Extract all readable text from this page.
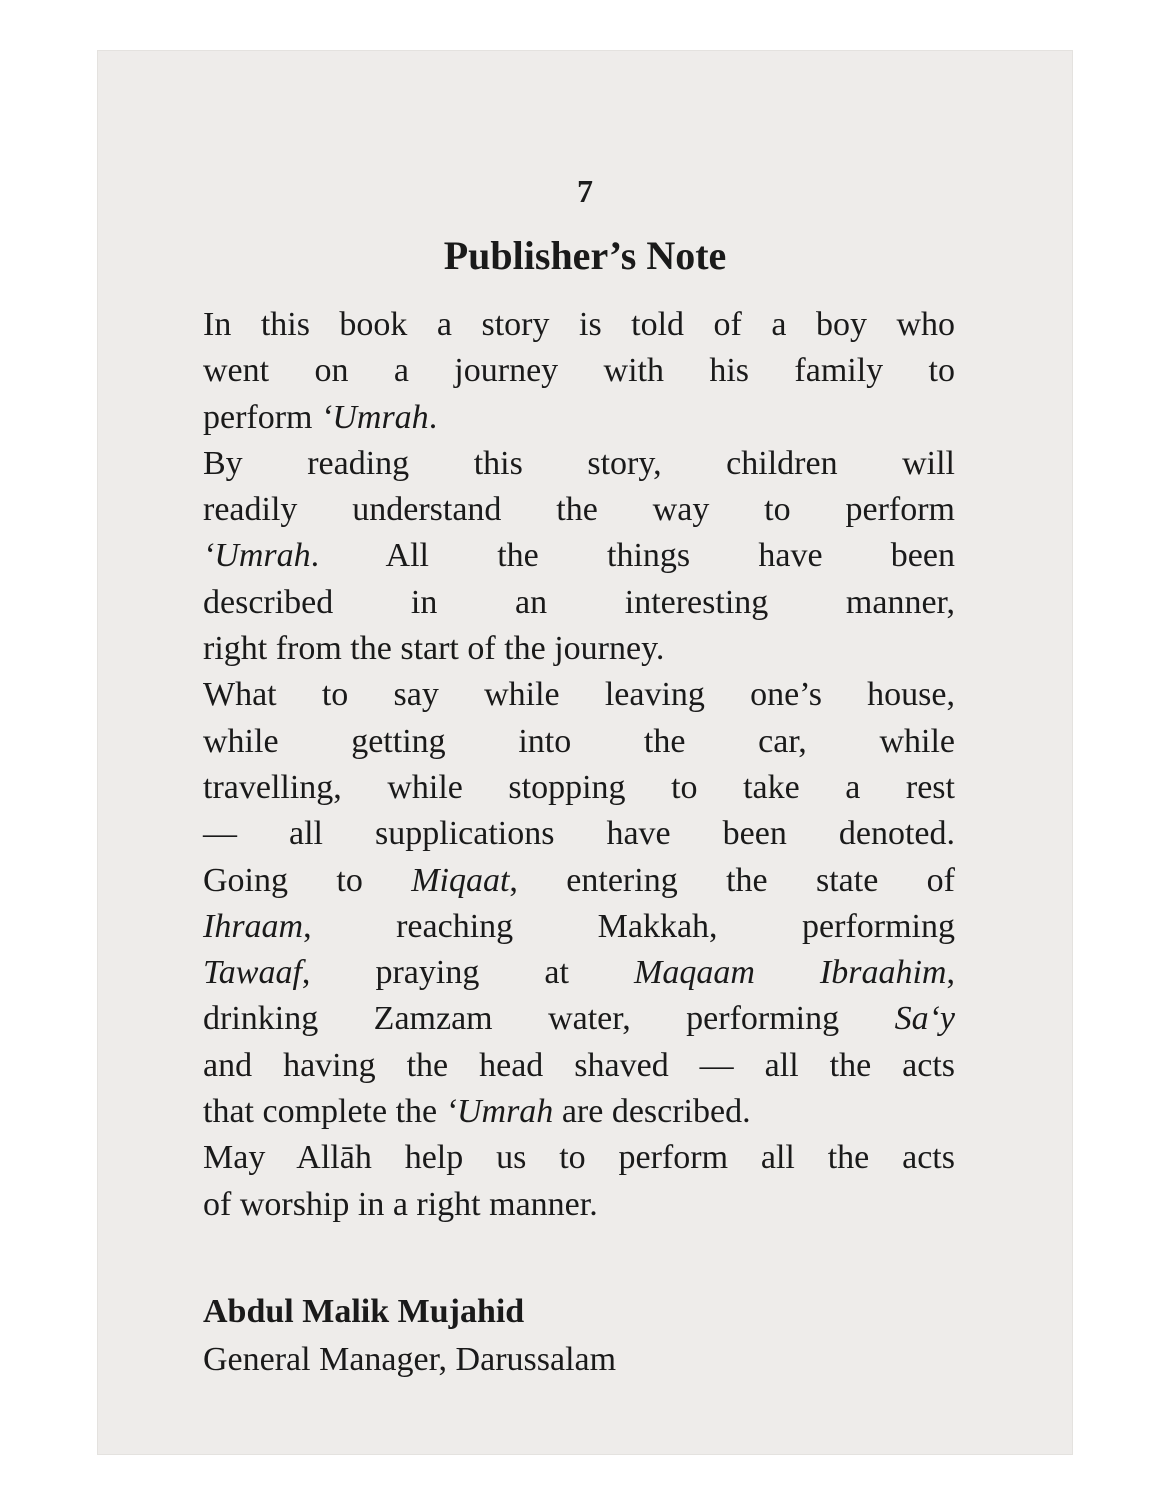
7
Publisher’s Note
In this book a story is told of a boy who
went on a journey with his family to
perform ‘Umrah.
By reading this story, children will
readily understand the way to perform
‘Umrah. All the things have been
described in an interesting manner,
right from the start of the journey.
What to say while leaving one’s house,
while getting into the car, while
travelling, while stopping to take a rest
— all supplications have been denoted.
Going to Miqaat, entering the state of
Ihraam, reaching Makkah, performing
Tawaaf, praying at Maqaam Ibraahim,
drinking Zamzam water, performing Sa‘y
and having the head shaved — all the acts
that complete the ‘Umrah are described.
May Allāh help us to perform all the acts
of worship in a right manner.
Abdul Malik Mujahid
General Manager, Darussalam
